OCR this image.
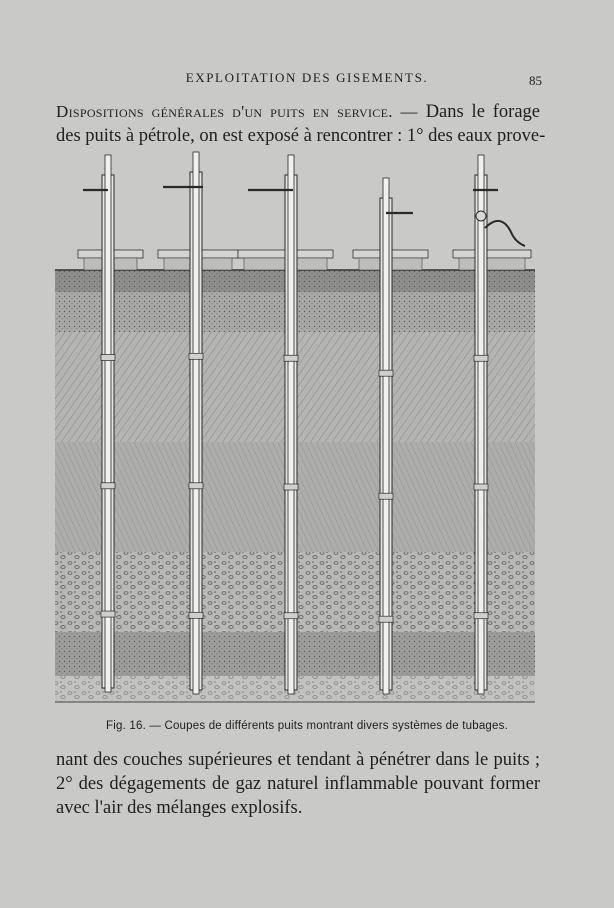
EXPLOITATION DES GISEMENTS.	85
Dispositions générales d'un puits en service. — Dans le forage
des puits à pétrole, on est exposé à rencontrer : 1° des eaux prove-
Fig. 16. — Coupes de différents puits montrant divers systèmes de tubages.
nant des couches supérieures et tendant à pénétrer dans le puits ;
2° des dégagements de gaz naturel inflammable pouvant former
avec l'air des mélanges explosifs.
